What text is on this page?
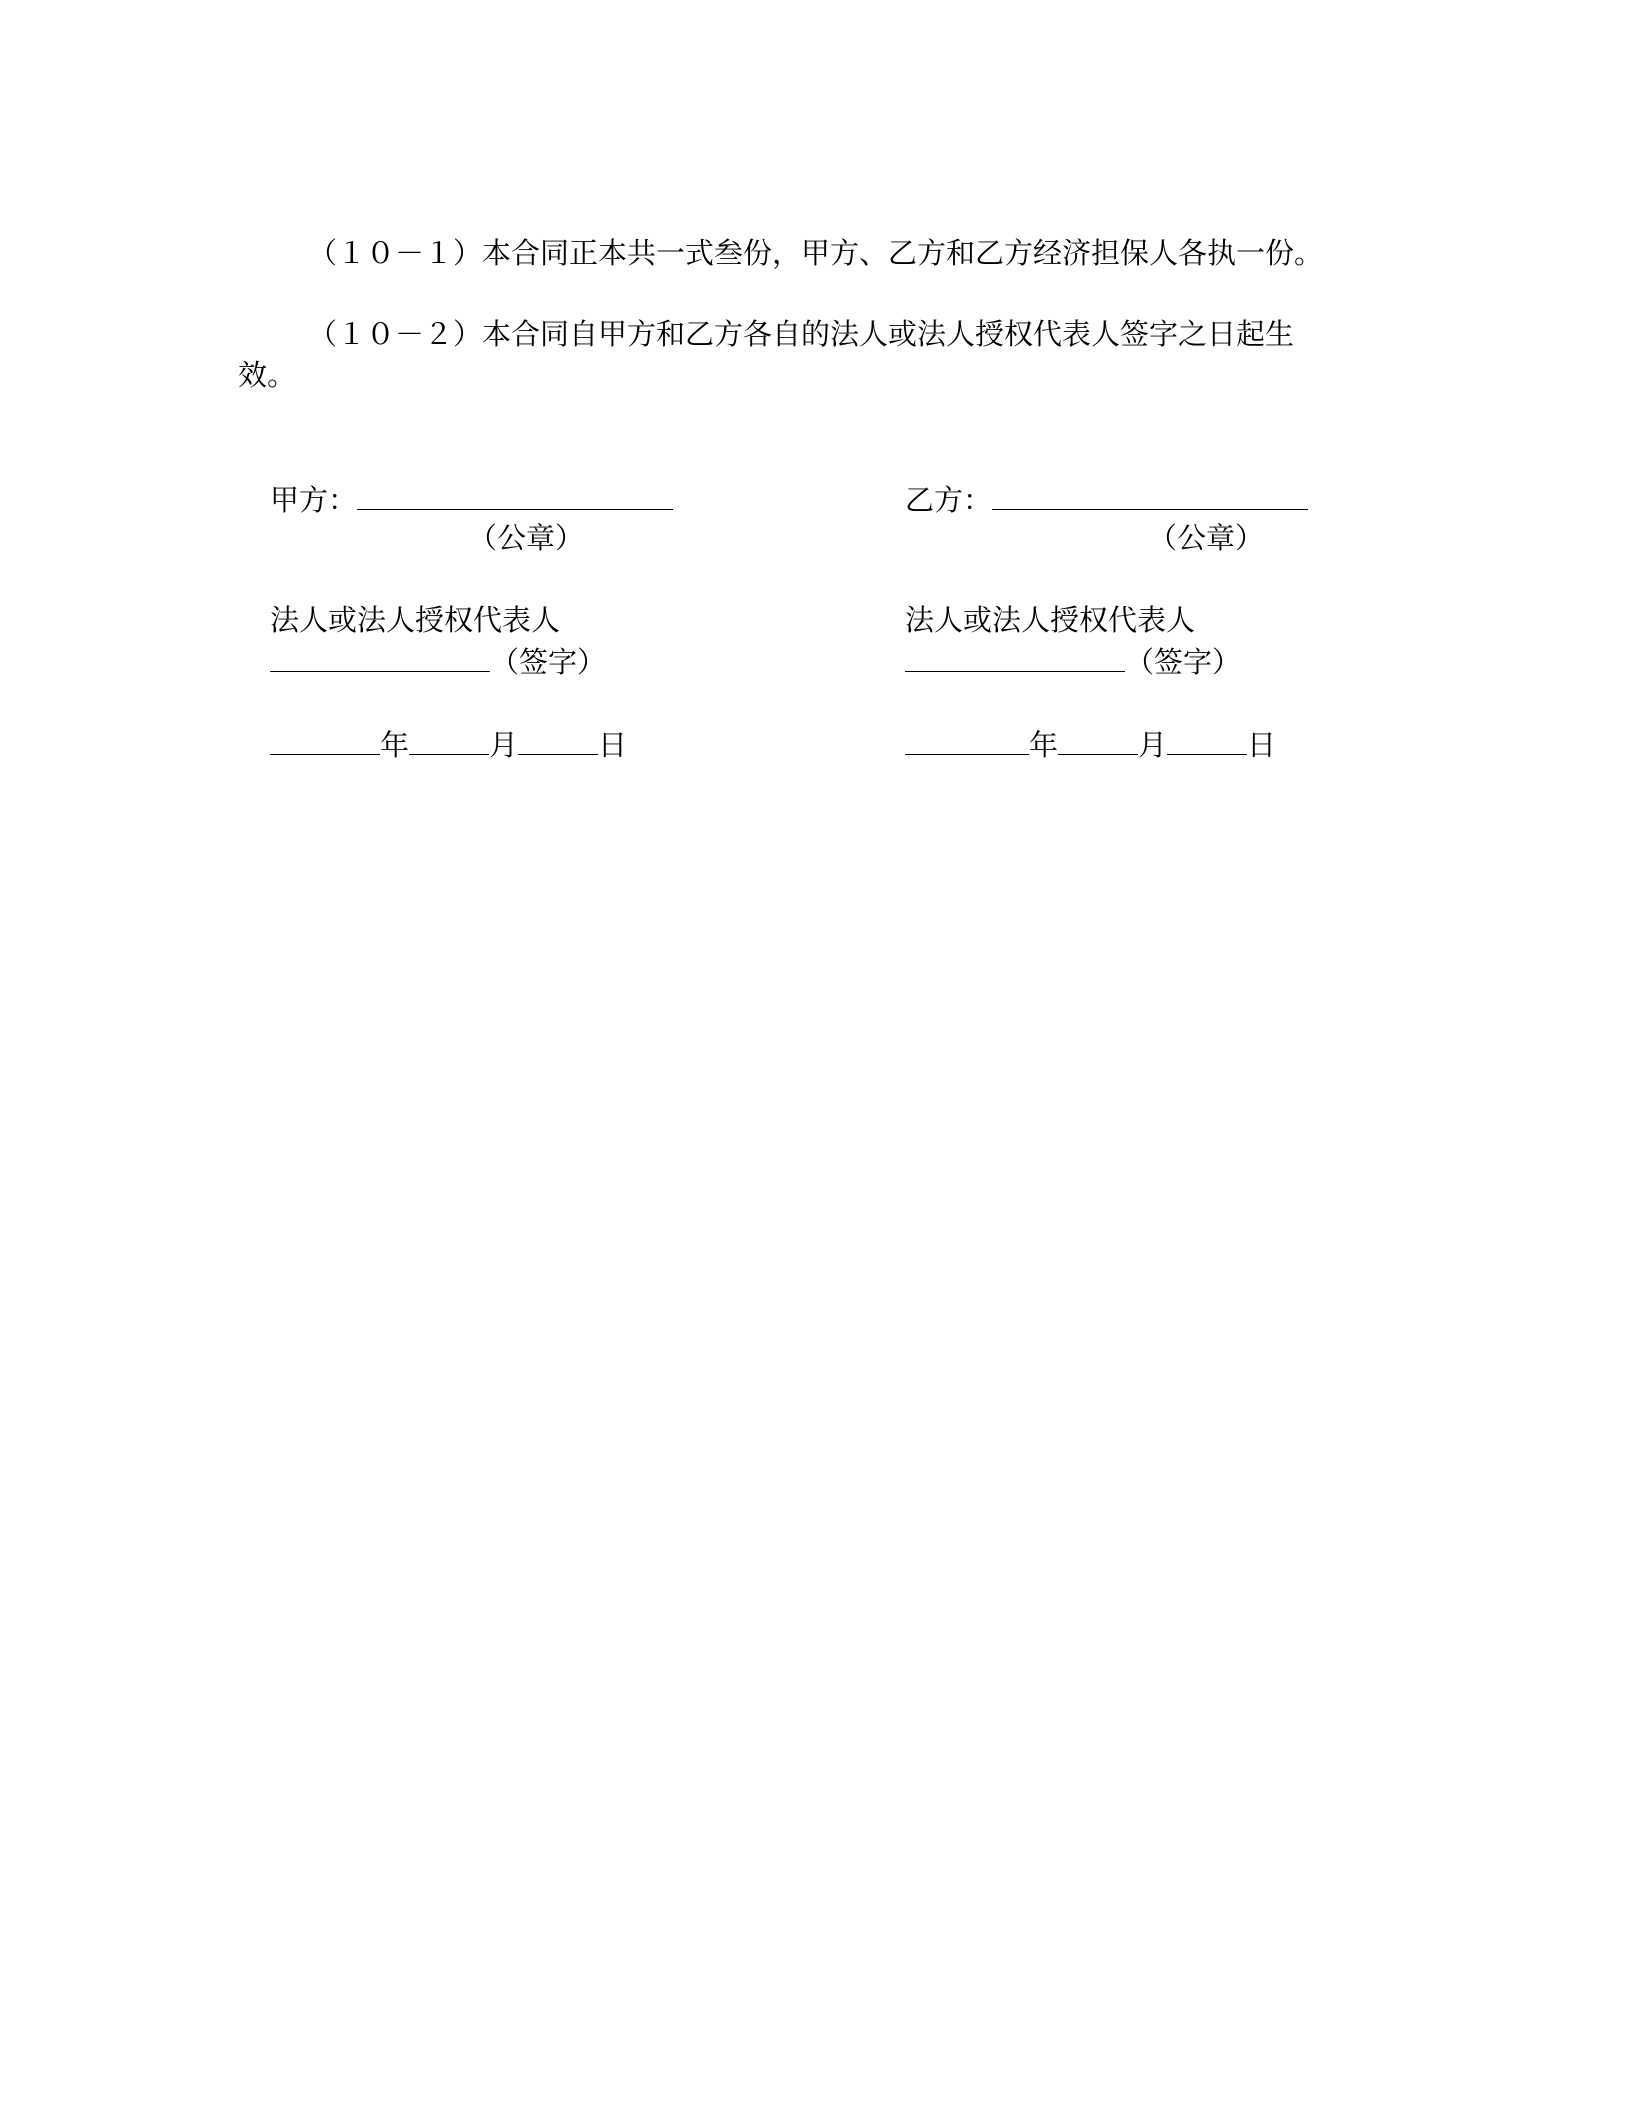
（１０－１）本合同正本共一式叁份，甲方、乙方和乙方经济担保人各执一份。
（１０－２）本合同自甲方和乙方各自的法人或法人授权代表人签字之日起生
效。
甲方：
（公章）
法人或法人授权代表人
（签字）
年	月	日
乙方：
（公章）
法人或法人授权代表人
（签字）
年	月	日
